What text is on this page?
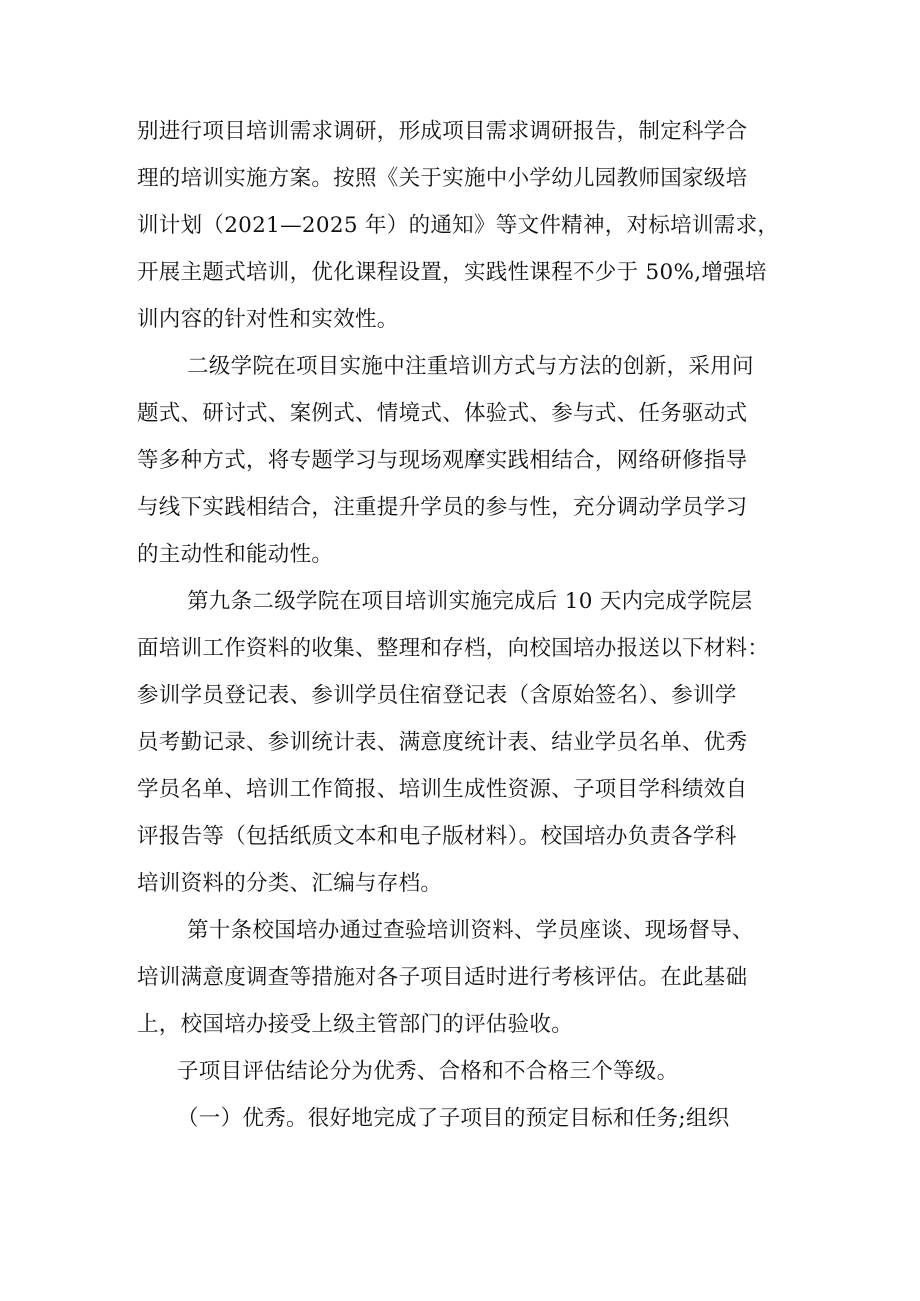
别进行项目培训需求调研，形成项目需求调研报告，制定科学合
理的培训实施方案。按照《关于实施中小学幼儿园教师国家级培
训计划（2021—2025 年）的通知》等文件精神，对标培训需求，
开展主题式培训，优化课程设置，实践性课程不少于 50%,增强培
训内容的针对性和实效性。
二级学院在项目实施中注重培训方式与方法的创新，采用问
题式、研讨式、案例式、情境式、体验式、参与式、任务驱动式
等多种方式，将专题学习与现场观摩实践相结合，网络研修指导
与线下实践相结合，注重提升学员的参与性，充分调动学员学习
的主动性和能动性。
第九条二级学院在项目培训实施完成后 10 天内完成学院层
面培训工作资料的收集、整理和存档，向校国培办报送以下材料：
参训学员登记表、参训学员住宿登记表（含原始签名）、参训学
员考勤记录、参训统计表、满意度统计表、结业学员名单、优秀
学员名单、培训工作简报、培训生成性资源、子项目学科绩效自
评报告等（包括纸质文本和电子版材料）。校国培办负责各学科
培训资料的分类、汇编与存档。
第十条校国培办通过查验培训资料、学员座谈、现场督导、
培训满意度调查等措施对各子项目适时进行考核评估。在此基础
上，校国培办接受上级主管部门的评估验收。
子项目评估结论分为优秀、合格和不合格三个等级。
（一）优秀。很好地完成了子项目的预定目标和任务;组织
